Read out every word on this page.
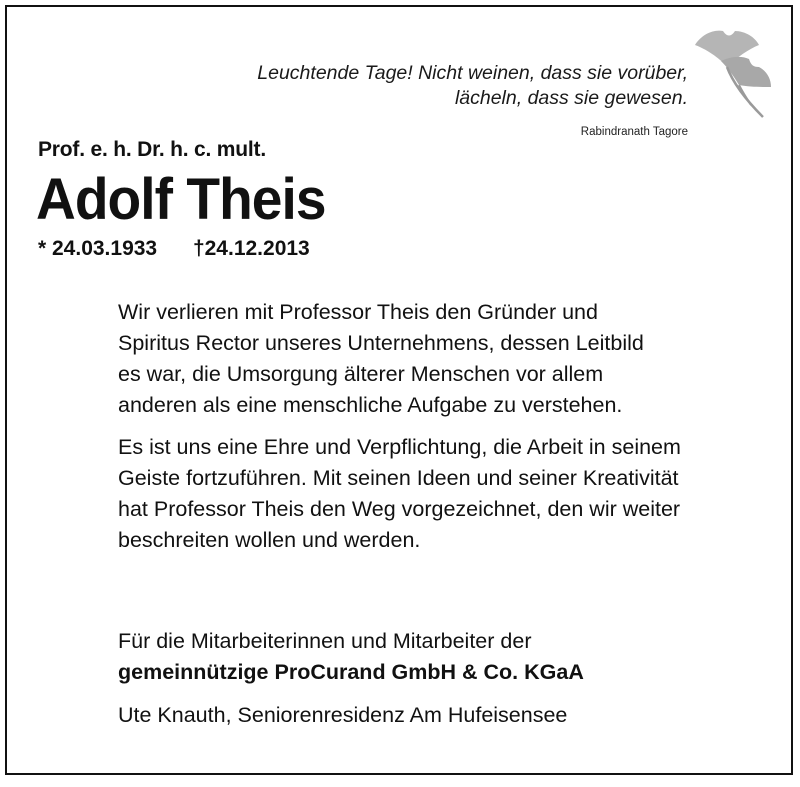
Leuchtende Tage! Nicht weinen, dass sie vorüber,
lächeln, dass sie gewesen.
Rabindranath Tagore
Prof. e. h. Dr. h. c. mult.
Adolf Theis
* 24.03.1933 †24.12.2013
Wir verlieren mit Professor Theis den Gründer und
Spiritus Rector unseres Unternehmens, dessen Leitbild
es war, die Umsorgung älterer Menschen vor allem
anderen als eine menschliche Aufgabe zu verstehen.
Es ist uns eine Ehre und Verpflichtung, die Arbeit in seinem
Geiste fortzuführen. Mit seinen Ideen und seiner Kreativität
hat Professor Theis den Weg vorgezeichnet, den wir weiter
beschreiten wollen und werden.
Für die Mitarbeiterinnen und Mitarbeiter der
gemeinnützige ProCurand GmbH & Co. KGaA
Ute Knauth, Seniorenresidenz Am Hufeisensee
